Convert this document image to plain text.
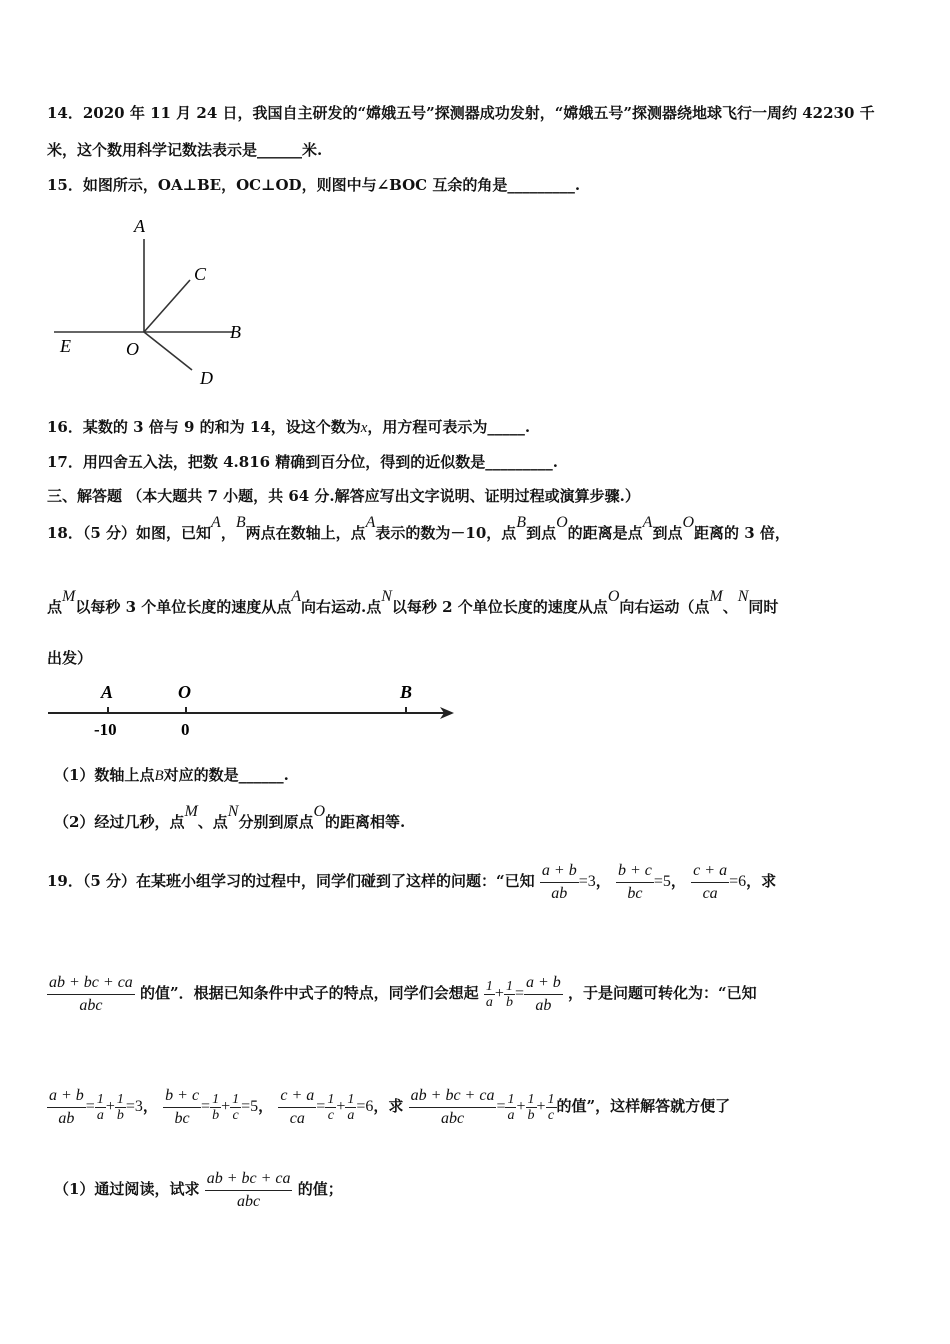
14．2020 年 11 月 24 日，我国自主研发的“嫦娥五号”探测器成功发射，“嫦娥五号”探测器绕地球飞行一周约 42230 千
米，这个数用科学记数法表示是______米.
15．如图所示，OA⊥BE，OC⊥OD，则图中与∠BOC 互余的角是_________.
A
C
B
E	O
D
16．某数的 3 倍与 9 的和为 14，设这个数为x，用方程可表示为_____.
17．用四舍五入法，把数 4.816 精确到百分位，得到的近似数是_________.
三、解答题 （本大题共 7 小题，共 64 分.解答应写出文字说明、证明过程或演算步骤.）
18．（5 分）如图，已知A，B两点在数轴上，点A表示的数为－10，点B到点O的距离是点A到点O距离的 3 倍，
点M以每秒 3 个单位长度的速度从点A向右运动.点N以每秒 2 个单位长度的速度从点O向右运动（点M、N同时
出发）
A	O	B
-10	0
（1）数轴上点B对应的数是______.
（2）经过几秒，点M、点N分别到原点O的距离相等.
19．（5 分）在某班小组学习的过程中，同学们碰到了这样的问题：“已知 $\frac{a + b}{ab} =3$， $\frac{b + c}{bc} =5$， $\frac{c + a}{ca} =6$，求
$\frac{ab + bc + ca}{\text{abc}}$ 的值”．根据已知条件中式子的特点，同学们会想起 $\frac{1}{a} + \frac{1}{b} = \frac{a + b}{ab}$ ，于是问题可转化为：“已知
$\frac{a + b}{ab} = \frac{1}{a} + \frac{1}{b} =3$， $\frac{b + c}{bc} = \frac{1}{b} + \frac{1}{c} =5$， $\frac{c + a}{ca} = \frac{1}{c} + \frac{1}{a} =6$，求 $\frac{ab + bc + ca}{\text{abc}} = \frac{1}{a} + \frac{1}{b} + \frac{1}{c}$ 的值”，这样解答就方便了
（1）通过阅读，试求 $\frac{ab + bc + ca}{\text{abc}}$ 的值；
